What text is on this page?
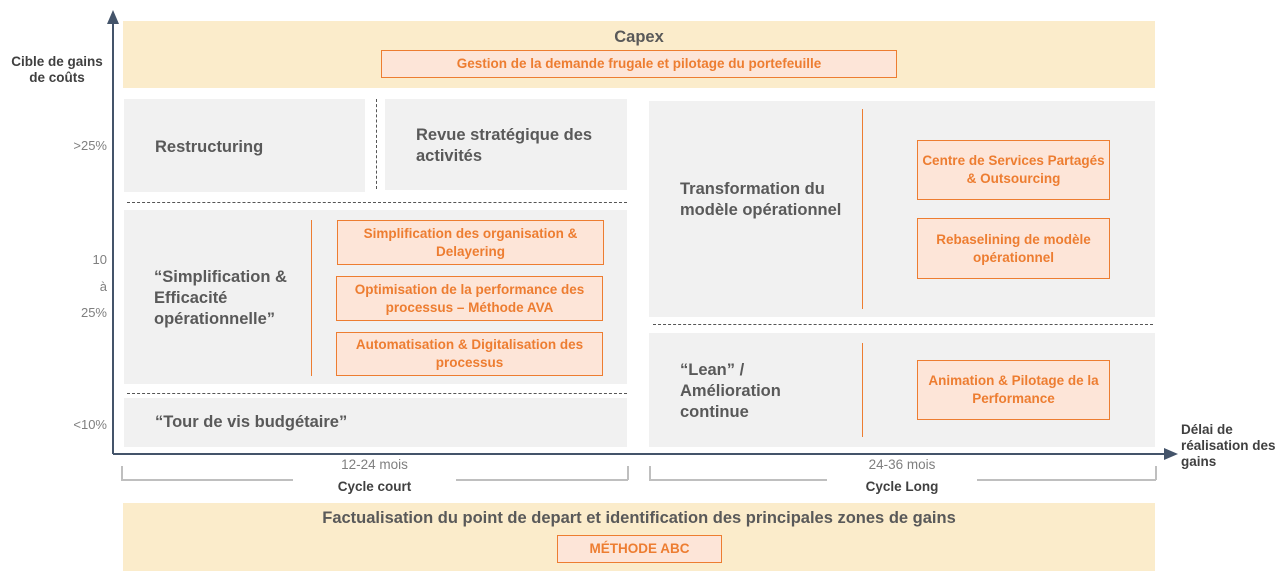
Cible de gains de coûts
>25%
10
à
25%
<10%	Délai de réalisation des gains
Capex
Gestion de la demande frugale et pilotage du portefeuille
Restructuring
Revue stratégique des activités
“Simplification & Efficacité opérationnelle”
Simplification des organisation & Delayering
Optimisation de la performance des processus – Méthode AVA
Automatisation & Digitalisation des processus
“Tour de vis budgétaire”
Transformation du modèle opérationnel
Centre de Services Partagés & Outsourcing
Rebaselining de modèle opérationnel
“Lean” / Amélioration continue
Animation & Pilotage de la Performance
12-24 mois
Cycle court
24-36 mois
Cycle Long
Factualisation du point de depart et identification des principales zones de gains
MÉTHODE ABC
